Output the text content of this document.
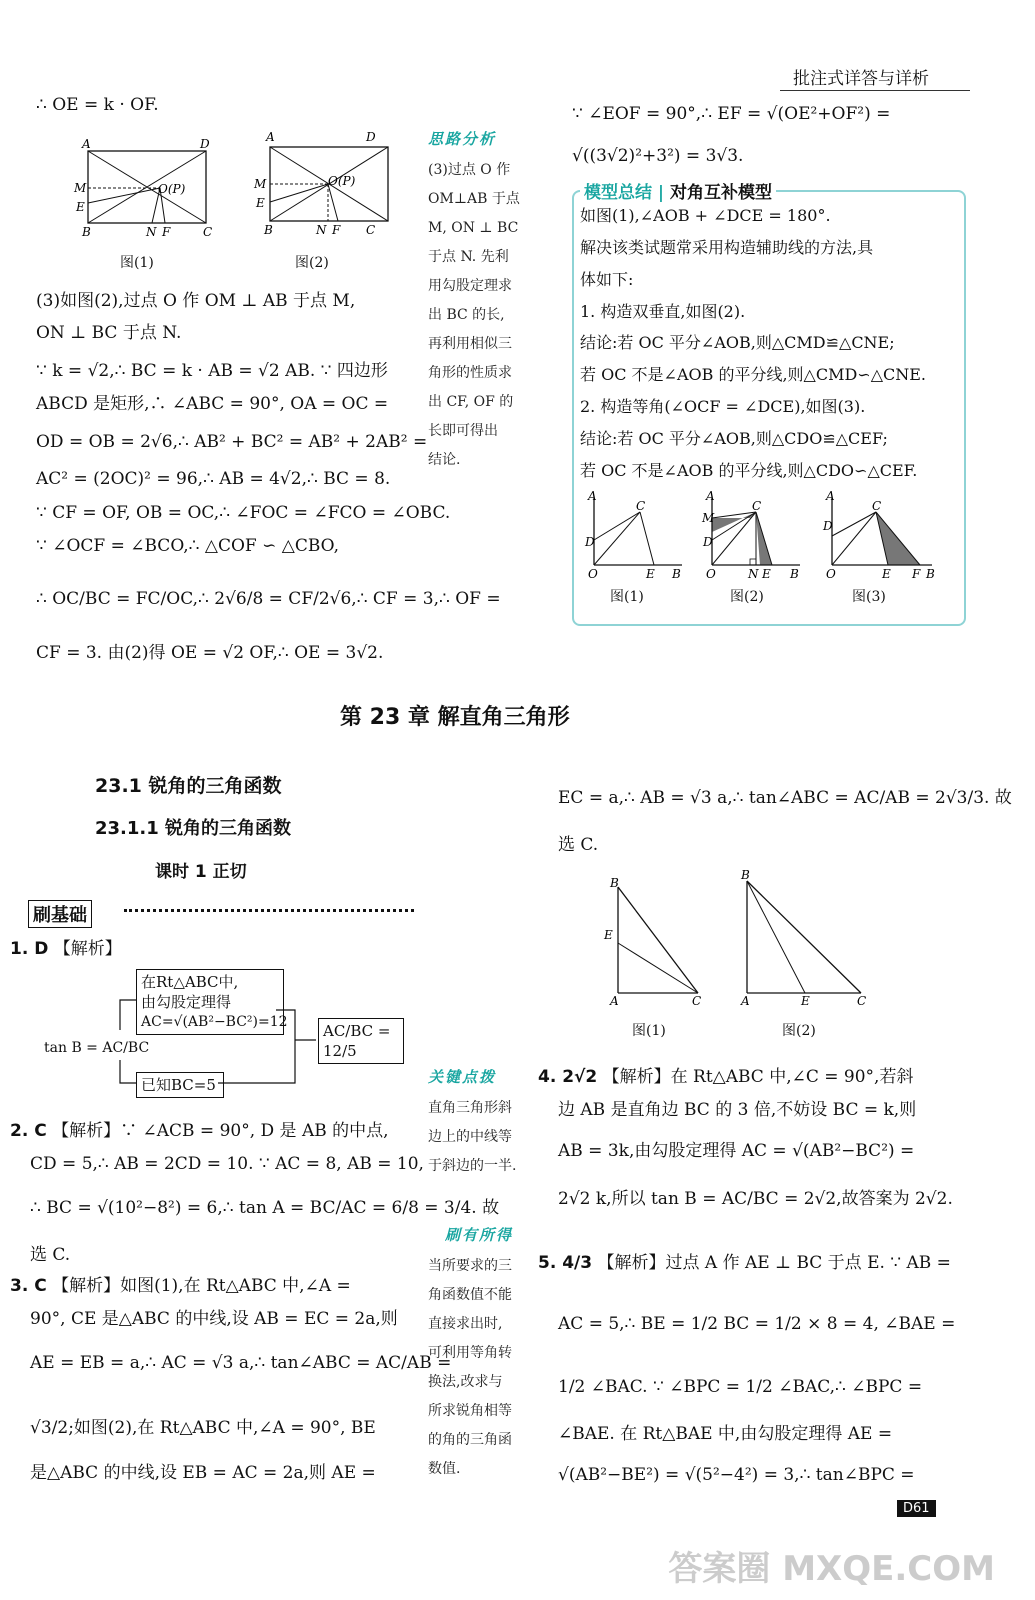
批注式详答与详析
∴ OE = k · OF.
A	D
M
E
B	N F	C
O(P)
图(1)
A	D
M
E
B	N F C
O(P)
图(2)
(3)如图(2),过点 O 作 OM ⊥ AB 于点 M,
ON ⊥ BC 于点 N.
∵ k = √2,∴ BC = k · AB = √2 AB. ∵ 四边形
ABCD 是矩形,∴ ∠ABC = 90°, OA = OC =
OD = OB = 2√6,∴ AB² + BC² = AB² + 2AB² =
AC² = (2OC)² = 96,∴ AB = 4√2,∴ BC = 8.
∵ CF = OF, OB = OC,∴ ∠FOC = ∠FCO = ∠OBC.
∵ ∠OCF = ∠BCO,∴ △COF ∽ △CBO,
∴ OC/BC = FC/OC,∴ 2√6/8 = CF/2√6,∴ CF = 3,∴ OF =
CF = 3. 由(2)得 OE = √2 OF,∴ OE = 3√2.
思路分析
(3)过点 O 作
OM⊥AB 于点
M, ON ⊥ BC
于点 N. 先利
用勾股定理求
出 BC 的长,
再利用相似三
角形的性质求
出 CF, OF 的
长即可得出
结论.
∵ ∠EOF = 90°,∴ EF = √(OE²+OF²) =
√((3√2)²+3²) = 3√3.
模型总结 | 对角互补模型
如图(1),∠AOB + ∠DCE = 180°.
解决该类试题常采用构造辅助线的方法,具
体如下:
1. 构造双垂直,如图(2).
结论:若 OC 平分∠AOB,则△CMD≌△CNE;
若 OC 不是∠AOB 的平分线,则△CMD∽△CNE.
2. 构造等角(∠OCF = ∠DCE),如图(3).
结论:若 OC 平分∠AOB,则△CDO≌△CEF;
若 OC 不是∠AOB 的平分线,则△CDO∽△CEF.
A
D
O
C
E B
A
M
D
O
C
N E B
A
D
O
C
E F B
图(1)	图(2)	图(3)
第 23 章 解直角三角形
23.1 锐角的三角函数
23.1.1 锐角的三角函数
课时 1 正切
刷基础
1. D 【解析】
在Rt△ABC中,
由勾股定理得
AC=√(AB²−BC²)=12
tan B = AC/BC
AC/BC = 12/5
已知BC=5	关键点拨
直角三角形斜
边上的中线等
于斜边的一半.
2. C 【解析】∵ ∠ACB = 90°, D 是 AB 的中点,
CD = 5,∴ AB = 2CD = 10. ∵ AC = 8, AB = 10,
∴ BC = √(10²−8²) = 6,∴ tan A = BC/AC = 6/8 = 3/4. 故
选 C.
刷有所得
当所要求的三
角函数值不能
直接求出时,
可利用等角转
换法,改求与
所求锐角相等
的角的三角函
数值.
3. C 【解析】如图(1),在 Rt△ABC 中,∠A =
90°, CE 是△ABC 的中线,设 AB = EC = 2a,则
AE = EB = a,∴ AC = √3 a,∴ tan∠ABC = AC/AB =
√3/2;如图(2),在 Rt△ABC 中,∠A = 90°, BE
是△ABC 的中线,设 EB = AC = 2a,则 AE =
EC = a,∴ AB = √3 a,∴ tan∠ABC = AC/AB = 2√3/3. 故
选 C.
B
E
A	C
B
A	E	C
图(1)	图(2)
4. 2√2 【解析】在 Rt△ABC 中,∠C = 90°,若斜
边 AB 是直角边 BC 的 3 倍,不妨设 BC = k,则
AB = 3k,由勾股定理得 AC = √(AB²−BC²) =
2√2 k,所以 tan B = AC/BC = 2√2,故答案为 2√2.
5. 4/3 【解析】过点 A 作 AE ⊥ BC 于点 E. ∵ AB =
AC = 5,∴ BE = 1/2 BC = 1/2 × 8 = 4, ∠BAE =
1/2 ∠BAC. ∵ ∠BPC = 1/2 ∠BAC,∴ ∠BPC =
∠BAE. 在 Rt△BAE 中,由勾股定理得 AE =
√(AB²−BE²) = √(5²−4²) = 3,∴ tan∠BPC =
D61
答案圈 MXQE.COM
